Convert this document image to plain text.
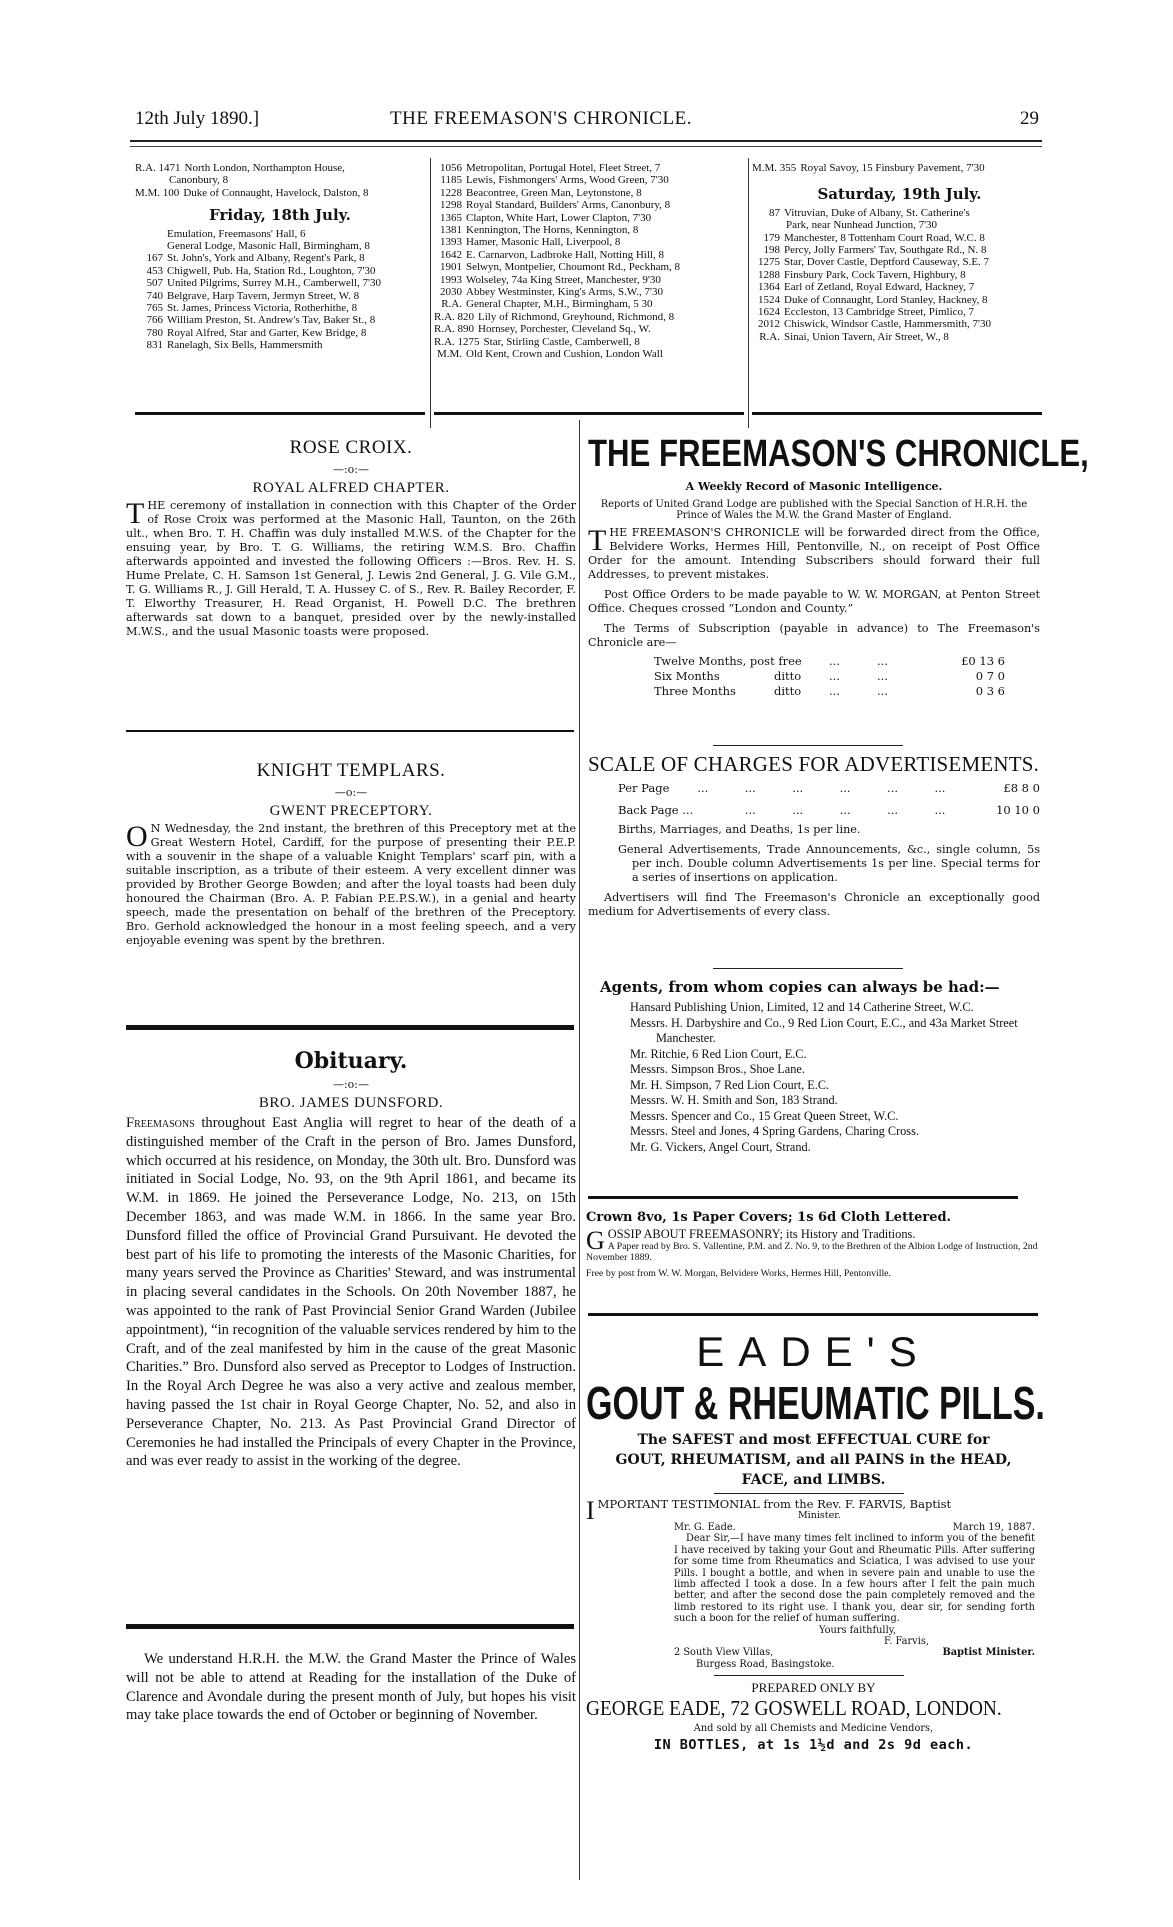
12th July 1890.]	THE FREEMASON'S CHRONICLE.	29
R.A. 1471 North London, Northampton House,
Canonbury, 8
M.M. 100 Duke of Connaught, Havelock, Dalston, 8
Friday, 18th July.
Emulation, Freemasons' Hall, 6
General Lodge, Masonic Hall, Birmingham, 8
167 St. John's, York and Albany, Regent's Park, 8
453 Chigwell, Pub. Ha, Station Rd., Loughton, 7'30
507 United Pilgrims, Surrey M.H., Camberwell, 7'30
740 Belgrave, Harp Tavern, Jermyn Street, W. 8
765 St. James, Princess Victoria, Rotherhithe, 8
766 William Preston, St. Andrew's Tav, Baker St., 8
780 Royal Alfred, Star and Garter, Kew Bridge, 8
831 Ranelagh, Six Bells, Hammersmith
1056 Metropolitan, Portugal Hotel, Fleet Street, 7
1185 Lewis, Fishmongers' Arms, Wood Green, 7'30
1228 Beacontree, Green Man, Leytonstone, 8
1298 Royal Standard, Builders' Arms, Canonbury, 8
1365 Clapton, White Hart, Lower Clapton, 7'30
1381 Kennington, The Horns, Kennington, 8
1393 Hamer, Masonic Hall, Liverpool, 8
1642 E. Carnarvon, Ladbroke Hall, Notting Hill, 8
1901 Selwyn, Montpelier, Choumont Rd., Peckham, 8
1993 Wolseley, 74a King Street, Manchester, 9'30
2030 Abbey Westminster, King's Arms, S.W., 7'30
R.A. General Chapter, M.H., Birmingham, 5 30
R.A. 820 Lily of Richmond, Greyhound, Richmond, 8
R.A. 890 Hornsey, Porchester, Cleveland Sq., W.
R.A. 1275 Star, Stirling Castle, Camberwell, 8
M.M. Old Kent, Crown and Cushion, London Wall
M.M. 355 Royal Savoy, 15 Finsbury Pavement, 7'30
Saturday, 19th July.
87 Vitruvian, Duke of Albany, St. Catherine's
Park, near Nunhead Junction, 7'30
179 Manchester, 8 Tottenham Court Road, W.C. 8
198 Percy, Jolly Farmers' Tav, Southgate Rd., N. 8
1275 Star, Dover Castle, Deptford Causeway, S.E. 7
1288 Finsbury Park, Cock Tavern, Highbury, 8
1364 Earl of Zetland, Royal Edward, Hackney, 7
1524 Duke of Connaught, Lord Stanley, Hackney, 8
1624 Eccleston, 13 Cambridge Street, Pimlico, 7
2012 Chiswick, Windsor Castle, Hammersmith, 7'30
R.A. Sinai, Union Tavern, Air Street, W., 8
ROSE CROIX.
—:o:—
ROYAL ALFRED CHAPTER.
T HE ceremony of installation in connection with this Chapter of the Order of Rose Croix was performed at the Masonic Hall, Taunton, on the 26th ult., when Bro. T. H. Chaffin was duly installed M.W.S. of the Chapter for the ensuing year, by Bro. T. G. Williams, the retiring W.M.S. Bro. Chaffin afterwards appointed and invested the following Officers :—Bros. Rev. H. S. Hume Prelate, C. H. Samson 1st General, J. Lewis 2nd General, J. G. Vile G.M., T. G. Williams R., J. Gill Herald, T. A. Hussey C. of S., Rev. R. Bailey Recorder, F. T. Elworthy Treasurer, H. Read Organist, H. Powell D.C. The brethren afterwards sat down to a banquet, presided over by the newly-installed M.W.S., and the usual Masonic toasts were proposed.
KNIGHT TEMPLARS.
—o:—
GWENT PRECEPTORY.
O N Wednesday, the 2nd instant, the brethren of this Preceptory met at the Great Western Hotel, Cardiff, for the purpose of presenting their P.E.P. with a souvenir in the shape of a valuable Knight Templars' scarf pin, with a suitable inscription, as a tribute of their esteem. A very excellent dinner was provided by Brother George Bowden; and after the loyal toasts had been duly honoured the Chairman (Bro. A. P. Fabian P.E.P.S.W.), in a genial and hearty speech, made the presentation on behalf of the brethren of the Preceptory. Bro. Gerhold acknowledged the honour in a most feeling speech, and a very enjoyable evening was spent by the brethren.
Obituary.
—:o:—
BRO. JAMES DUNSFORD.
Freemasons throughout East Anglia will regret to hear of the death of a distinguished member of the Craft in the person of Bro. James Dunsford, which occurred at his residence, on Monday, the 30th ult. Bro. Dunsford was initiated in Social Lodge, No. 93, on the 9th April 1861, and became its W.M. in 1869. He joined the Perseverance Lodge, No. 213, on 15th December 1863, and was made W.M. in 1866. In the same year Bro. Dunsford filled the office of Provincial Grand Pursuivant. He devoted the best part of his life to promoting the interests of the Masonic Charities, for many years served the Province as Charities' Steward, and was instrumental in placing several candidates in the Schools. On 20th November 1887, he was appointed to the rank of Past Provincial Senior Grand Warden (Jubilee appointment), “in recognition of the valuable services rendered by him to the Craft, and of the zeal manifested by him in the cause of the great Masonic Charities.” Bro. Dunsford also served as Preceptor to Lodges of Instruction. In the Royal Arch Degree he was also a very active and zealous member, having passed the 1st chair in Royal George Chapter, No. 52, and also in Perseverance Chapter, No. 213. As Past Provincial Grand Director of Ceremonies he had installed the Principals of every Chapter in the Province, and was ever ready to assist in the working of the degree.
We understand H.R.H. the M.W. the Grand Master the Prince of Wales will not be able to attend at Reading for the installation of the Duke of Clarence and Avondale during the present month of July, but hopes his visit may take place towards the end of October or beginning of November.
THE FREEMASON'S CHRONICLE,
A Weekly Record of Masonic Intelligence.
Reports of United Grand Lodge are published with the Special Sanction of H.R.H. the Prince of Wales the M.W. the Grand Master of England.
T HE FREEMASON'S CHRONICLE will be forwarded direct from the Office, Belvidere Works, Hermes Hill, Pentonville, N., on receipt of Post Office Order for the amount. Intending Subscribers should forward their full Addresses, to prevent mistakes.
Post Office Orders to be made payable to W. W. MORGAN, at Penton Street Office. Cheques crossed “London and County.”
The Terms of Subscription (payable in advance) to The Freemason's Chronicle are—
Twelve Months, post free	...	...	£0 13 6
Six Months	ditto	...	...	0 7 0
Three Months	ditto	...	...	0 3 6
SCALE OF CHARGES FOR ADVERTISEMENTS.
Per Page	...	...	...	...	...	...	£8 8 0
Back Page ...	...	...	...	...	...	10 10 0
Births, Marriages, and Deaths, 1s per line.
General Advertisements, Trade Announcements, &c., single column, 5s per inch. Double column Advertisements 1s per line. Special terms for a series of insertions on application.
Advertisers will find The Freemason's Chronicle an exceptionally good medium for Advertisements of every class.
Agents, from whom copies can always be had:—
Hansard Publishing Union, Limited, 12 and 14 Catherine Street, W.C.
Messrs. H. Darbyshire and Co., 9 Red Lion Court, E.C., and 43a Market Street Manchester.
Mr. Ritchie, 6 Red Lion Court, E.C.
Messrs. Simpson Bros., Shoe Lane.
Mr. H. Simpson, 7 Red Lion Court, E.C.
Messrs. W. H. Smith and Son, 183 Strand.
Messrs. Spencer and Co., 15 Great Queen Street, W.C.
Messrs. Steel and Jones, 4 Spring Gardens, Charing Cross.
Mr. G. Vickers, Angel Court, Strand.
Crown 8vo, 1s Paper Covers; 1s 6d Cloth Lettered.
G OSSIP ABOUT FREEMASONRY; its History and Traditions.
A Paper read by Bro. S. Vallentine, P.M. and Z. No. 9, to the Brethren of the Albion Lodge of Instruction, 2nd November 1889.
Free by post from W. W. Morgan, Belvidere Works, Hermes Hill, Pentonville.
EADE'S
GOUT & RHEUMATIC PILLS.
The SAFEST and most EFFECTUAL CURE for
GOUT, RHEUMATISM, and all PAINS in the HEAD,
FACE, and LIMBS.
I MPORTANT TESTIMONIAL from the Rev. F. FARVIS, Baptist
Minister.
Mr. G. Eade.	March 19, 1887.
Dear Sir,—I have many times felt inclined to inform you of the benefit I have received by taking your Gout and Rheumatic Pills. After suffering for some time from Rheumatics and Sciatica, I was advised to use your Pills. I bought a bottle, and when in severe pain and unable to use the limb affected I took a dose. In a few hours after I felt the pain much better, and after the second dose the pain completely removed and the limb restored to its right use. I thank you, dear sir, for sending forth such a boon for the relief of human suffering.
Yours faithfully,
F. Farvis,
2 South View Villas,	Baptist Minister.
Burgess Road, Basingstoke.
PREPARED ONLY BY
GEORGE EADE, 72 GOSWELL ROAD, LONDON.
And sold by all Chemists and Medicine Vendors,
IN BOTTLES, at 1s 1½d and 2s 9d each.
